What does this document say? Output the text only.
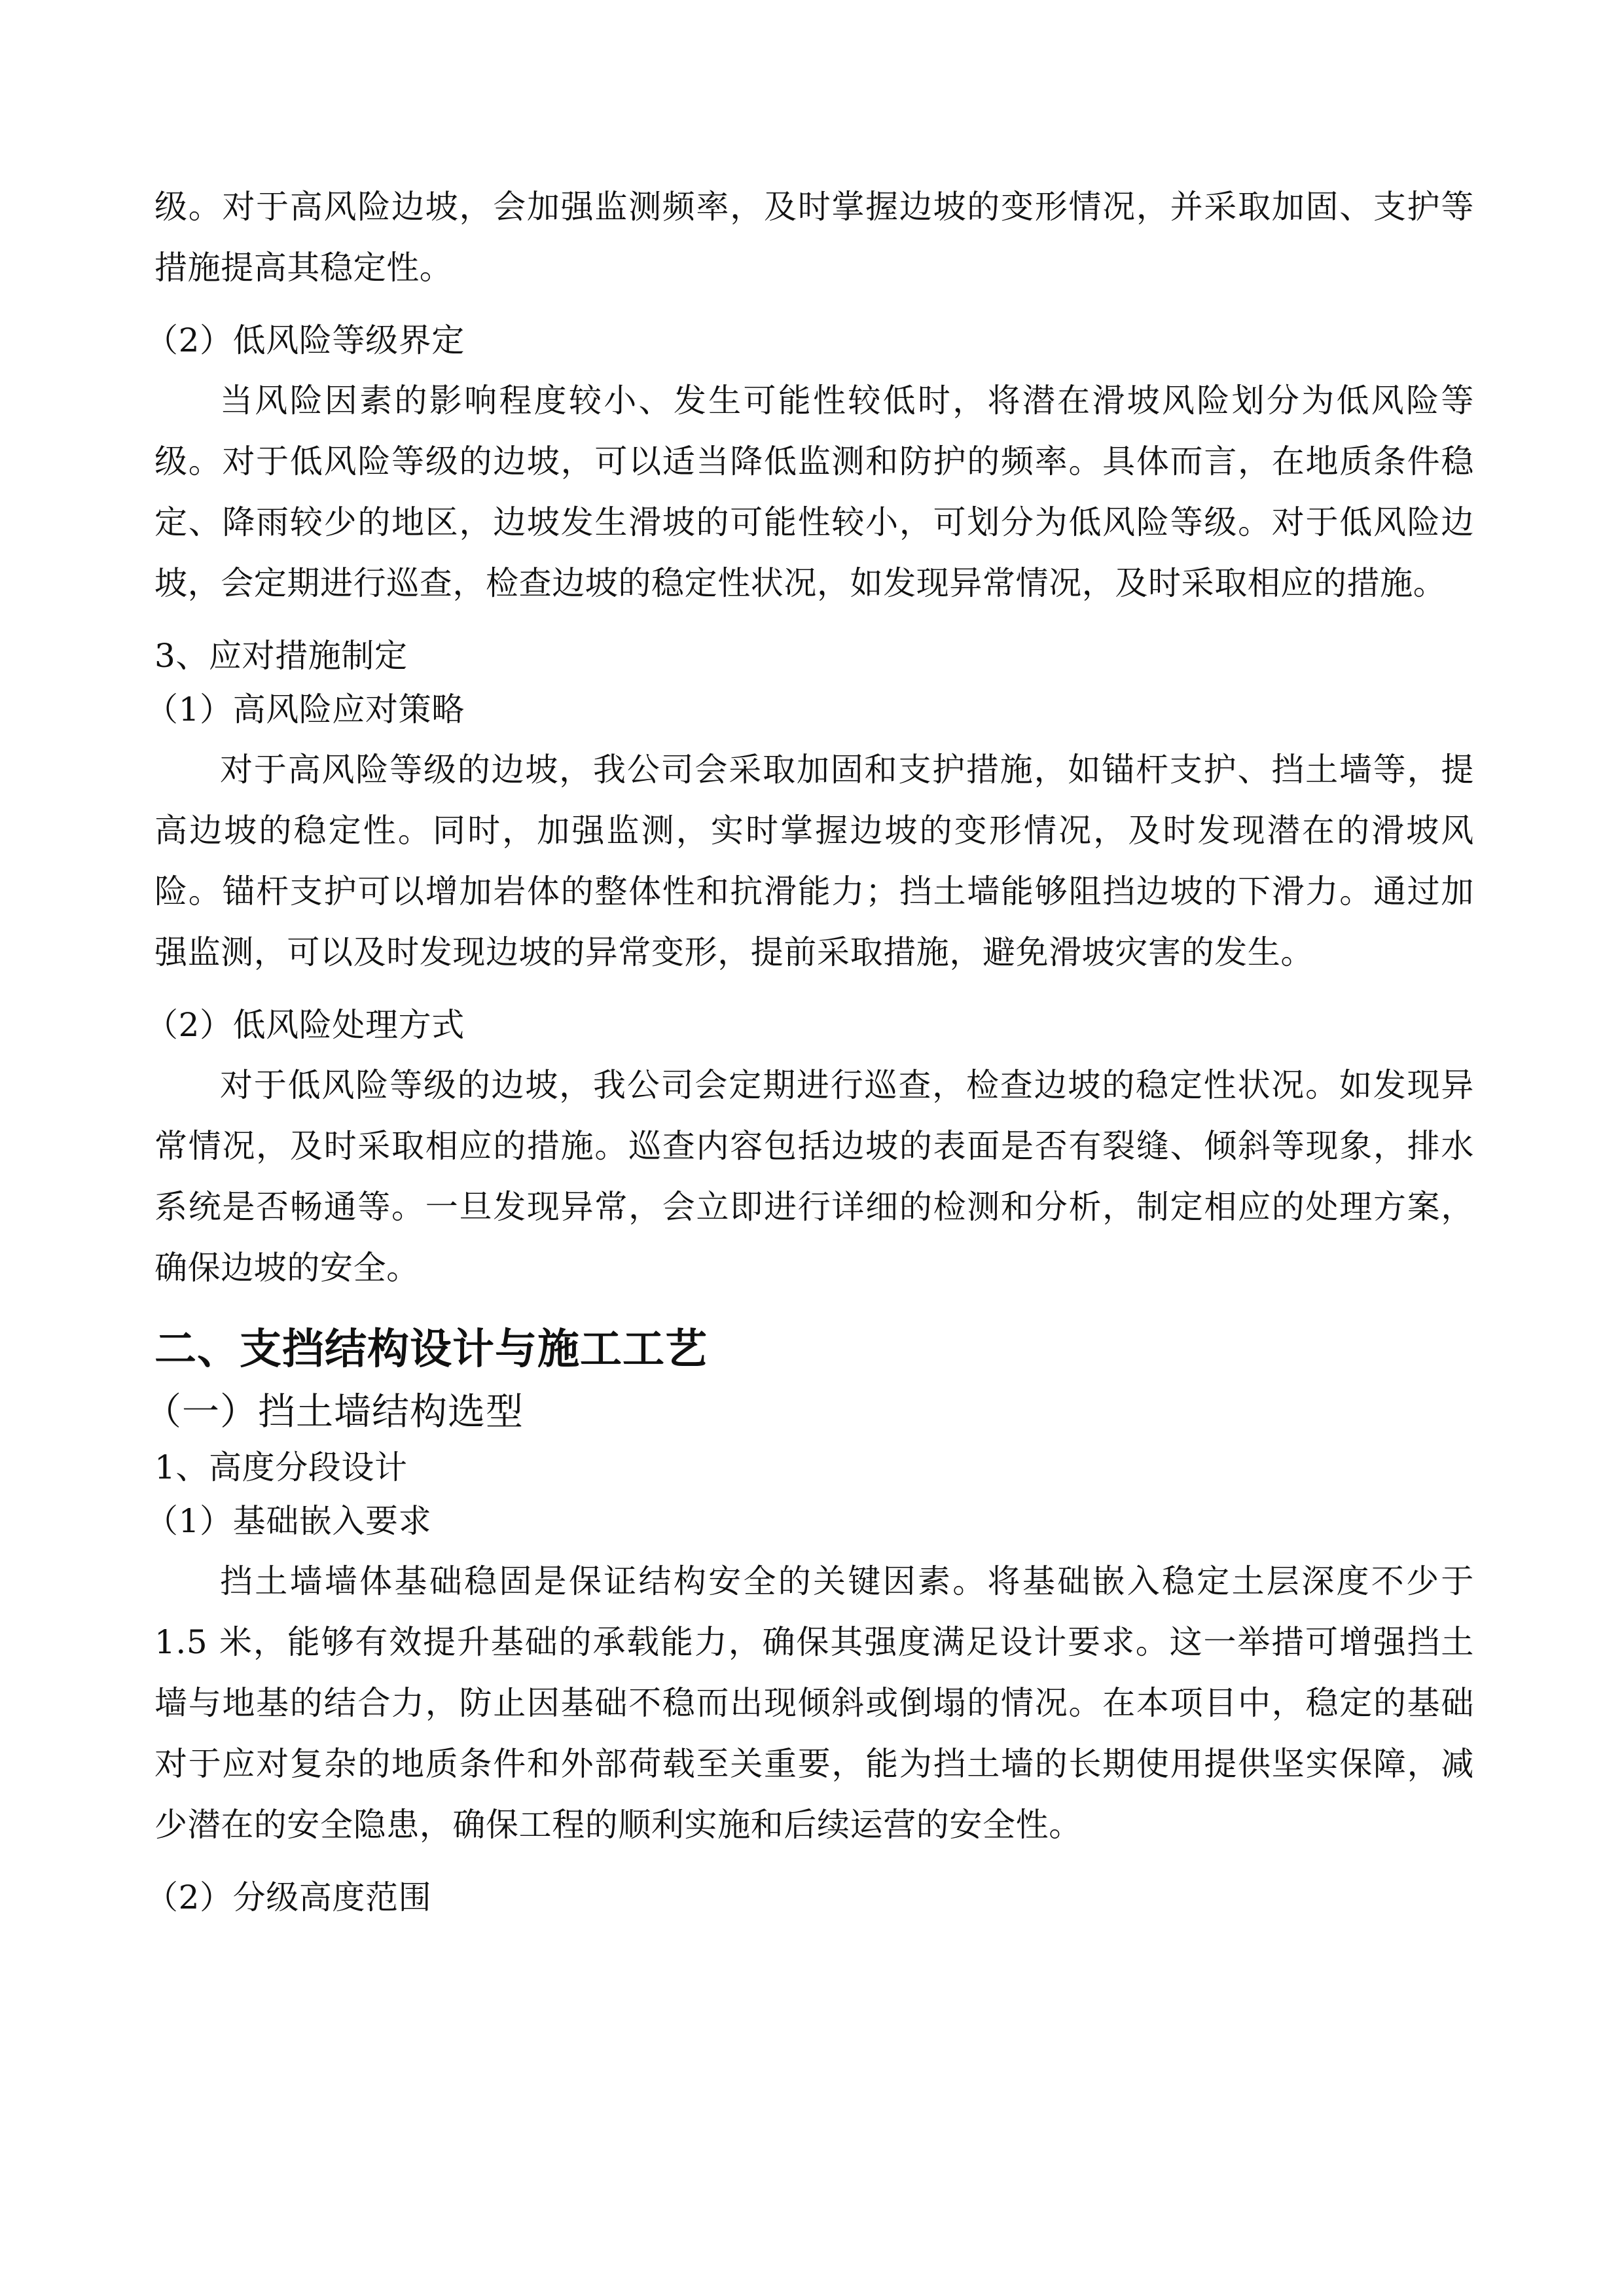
级。对于高风险边坡，会加强监测频率，及时掌握边坡的变形情况，并采取加固、支护等措施提高其稳定性。

（2）低风险等级界定

当风险因素的影响程度较小、发生可能性较低时，将潜在滑坡风险划分为低风险等级。对于低风险等级的边坡，可以适当降低监测和防护的频率。具体而言，在地质条件稳定、降雨较少的地区，边坡发生滑坡的可能性较小，可划分为低风险等级。对于低风险边坡，会定期进行巡查，检查边坡的稳定性状况，如发现异常情况，及时采取相应的措施。

3、应对措施制定
（1）高风险应对策略

对于高风险等级的边坡，我公司会采取加固和支护措施，如锚杆支护、挡土墙等，提高边坡的稳定性。同时，加强监测，实时掌握边坡的变形情况，及时发现潜在的滑坡风险。锚杆支护可以增加岩体的整体性和抗滑能力；挡土墙能够阻挡边坡的下滑力。通过加强监测，可以及时发现边坡的异常变形，提前采取措施，避免滑坡灾害的发生。

（2）低风险处理方式

对于低风险等级的边坡，我公司会定期进行巡查，检查边坡的稳定性状况。如发现异常情况，及时采取相应的措施。巡查内容包括边坡的表面是否有裂缝、倾斜等现象，排水系统是否畅通等。一旦发现异常，会立即进行详细的检测和分析，制定相应的处理方案，确保边坡的安全。

二、支挡结构设计与施工工艺
（一）挡土墙结构选型
1、高度分段设计
（1）基础嵌入要求

挡土墙墙体基础稳固是保证结构安全的关键因素。将基础嵌入稳定土层深度不少于 1.5 米，能够有效提升基础的承载能力，确保其强度满足设计要求。这一举措可增强挡土墙与地基的结合力，防止因基础不稳而出现倾斜或倒塌的情况。在本项目中，稳定的基础对于应对复杂的地质条件和外部荷载至关重要，能为挡土墙的长期使用提供坚实保障，减少潜在的安全隐患，确保工程的顺利实施和后续运营的安全性。

（2）分级高度范围
